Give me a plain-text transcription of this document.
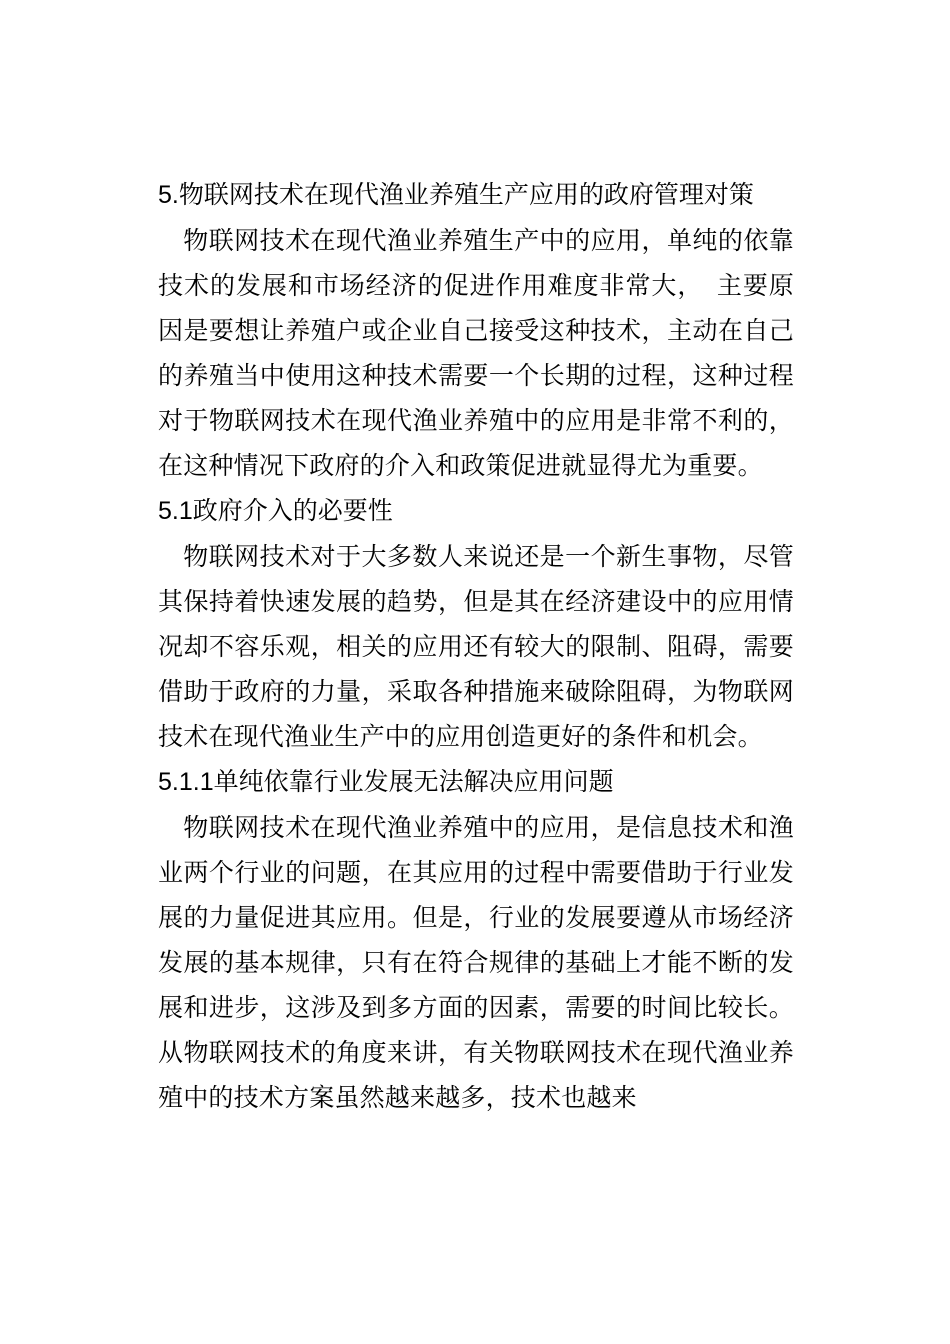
5.物联网技术在现代渔业养殖生产应用的政府管理对策

物联网技术在现代渔业养殖生产中的应用，单纯的依靠技术的发展和市场经济的促进作用难度非常大，　主要原因是要想让养殖户或企业自己接受这种技术，主动在自己的养殖当中使用这种技术需要一个长期的过程，这种过程对于物联网技术在现代渔业养殖中的应用是非常不利的，在这种情况下政府的介入和政策促进就显得尤为重要。

5.1政府介入的必要性

物联网技术对于大多数人来说还是一个新生事物，尽管其保持着快速发展的趋势，但是其在经济建设中的应用情况却不容乐观，相关的应用还有较大的限制、阻碍，需要借助于政府的力量，采取各种措施来破除阻碍，为物联网技术在现代渔业生产中的应用创造更好的条件和机会。

5.1.1单纯依靠行业发展无法解决应用问题

物联网技术在现代渔业养殖中的应用，是信息技术和渔业两个行业的问题，在其应用的过程中需要借助于行业发展的力量促进其应用。但是，行业的发展要遵从市场经济发展的基本规律，只有在符合规律的基础上才能不断的发展和进步，这涉及到多方面的因素，需要的时间比较长。从物联网技术的角度来讲，有关物联网技术在现代渔业养殖中的技术方案虽然越来越多，技术也越来
